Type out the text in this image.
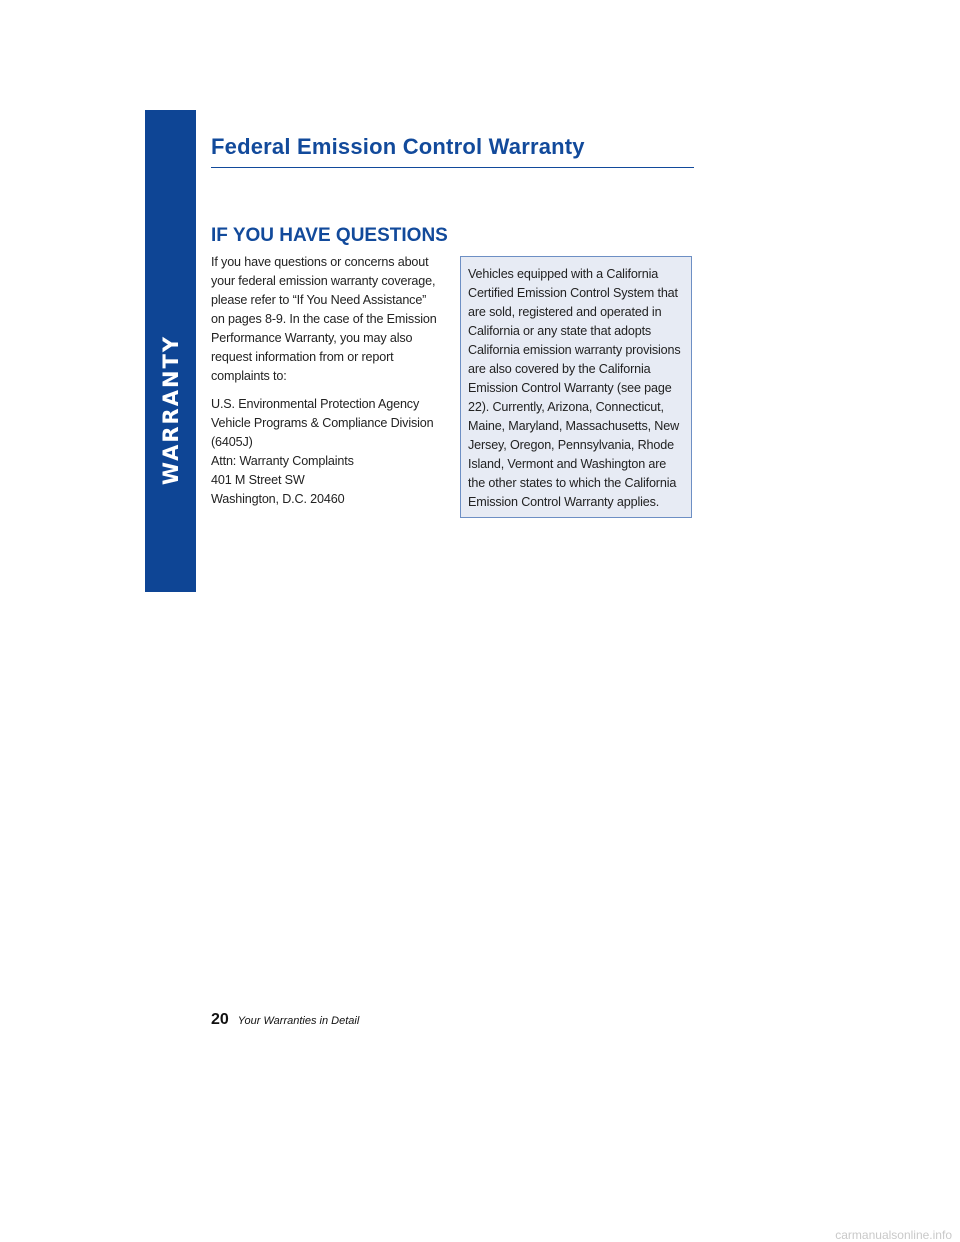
WARRANTY
Federal Emission Control Warranty
IF YOU HAVE QUESTIONS

If you have questions or concerns about
your federal emission warranty coverage,
please refer to “If You Need Assistance”
on pages 8-9. In the case of the Emission
Performance Warranty, you may also
request information from or report
complaints to:

U.S. Environmental Protection Agency
Vehicle Programs & Compliance Division
(6405J)
Attn: Warranty Complaints
401 M Street SW
Washington, D.C. 20460

Vehicles equipped with a California
Certified Emission Control System that
are sold, registered and operated in
California or any state that adopts
California emission warranty provisions
are also covered by the California
Emission Control Warranty (see page
22). Currently, Arizona, Connecticut,
Maine, Maryland, Massachusetts, New
Jersey, Oregon, Pennsylvania, Rhode
Island, Vermont and Washington are
the other states to which the California
Emission Control Warranty applies.
20 Your Warranties in Detail
carmanualsonline.info
